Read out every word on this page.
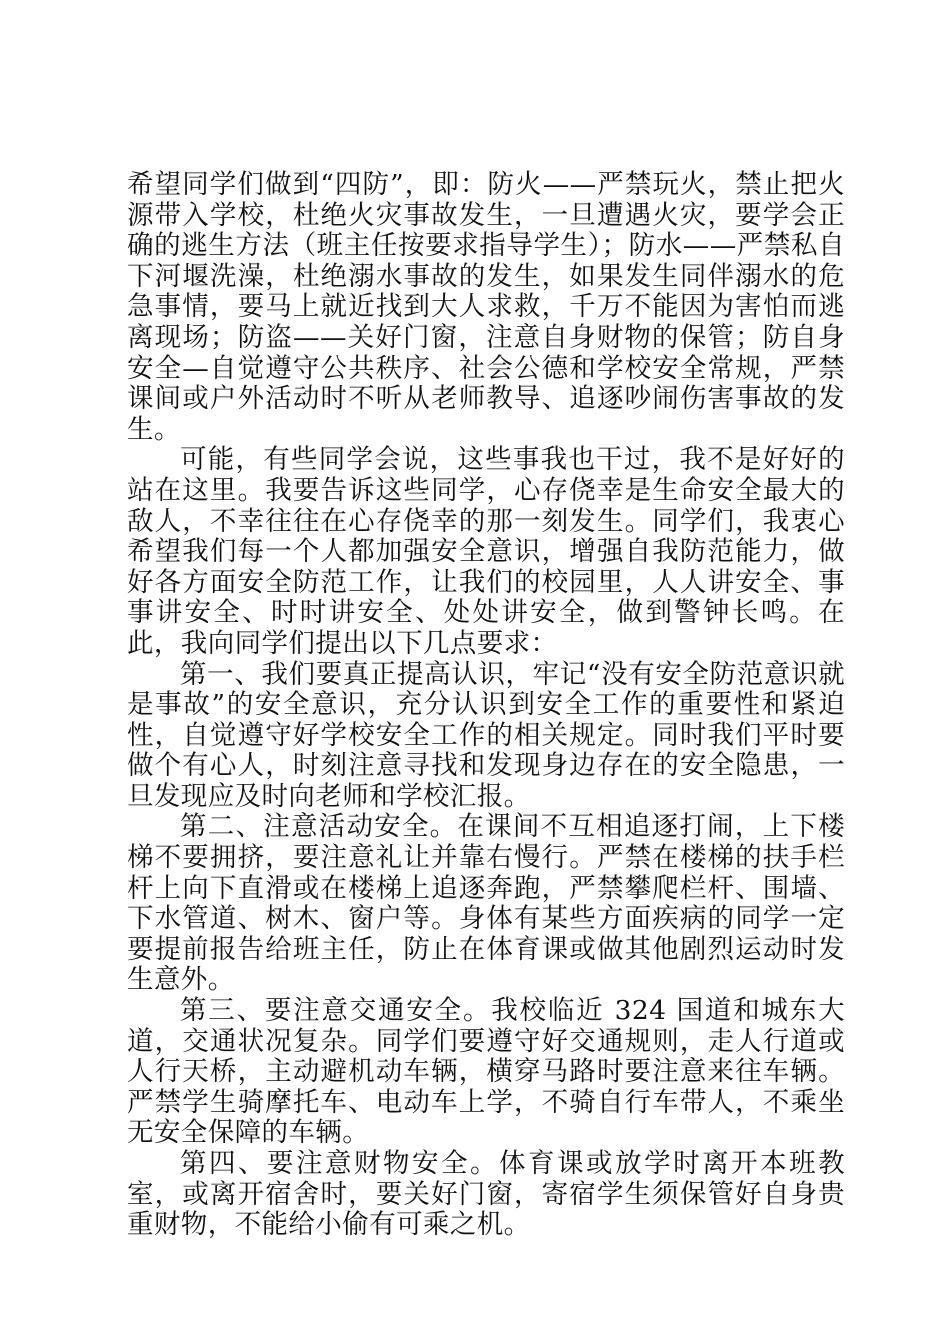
希望同学们做到“四防”，即：防火——严禁玩火，禁止把火源带入学校，杜绝火灾事故发生，一旦遭遇火灾，要学会正确的逃生方法（班主任按要求指导学生）；防水——严禁私自下河堰洗澡，杜绝溺水事故的发生，如果发生同伴溺水的危急事情，要马上就近找到大人求救，千万不能因为害怕而逃离现场；防盗——关好门窗，注意自身财物的保管；防自身安全—自觉遵守公共秩序、社会公德和学校安全常规，严禁课间或户外活动时不听从老师教导、追逐吵闹伤害事故的发生。

可能，有些同学会说，这些事我也干过，我不是好好的站在这里。我要告诉这些同学，心存侥幸是生命安全最大的敌人，不幸往往在心存侥幸的那一刻发生。同学们，我衷心希望我们每一个人都加强安全意识，增强自我防范能力，做好各方面安全防范工作，让我们的校园里，人人讲安全、事事讲安全、时时讲安全、处处讲安全，做到警钟长鸣。在此，我向同学们提出以下几点要求：

第一、我们要真正提高认识，牢记“没有安全防范意识就是事故”的安全意识，充分认识到安全工作的重要性和紧迫性，自觉遵守好学校安全工作的相关规定。同时我们平时要做个有心人，时刻注意寻找和发现身边存在的安全隐患，一旦发现应及时向老师和学校汇报。

第二、注意活动安全。在课间不互相追逐打闹，上下楼梯不要拥挤，要注意礼让并靠右慢行。严禁在楼梯的扶手栏杆上向下直滑或在楼梯上追逐奔跑，严禁攀爬栏杆、围墙、下水管道、树木、窗户等。身体有某些方面疾病的同学一定要提前报告给班主任，防止在体育课或做其他剧烈运动时发生意外。

第三、要注意交通安全。我校临近 324 国道和城东大道，交通状况复杂。同学们要遵守好交通规则，走人行道或人行天桥，主动避机动车辆，横穿马路时要注意来往车辆。严禁学生骑摩托车、电动车上学，不骑自行车带人，不乘坐无安全保障的车辆。

第四、要注意财物安全。体育课或放学时离开本班教室，或离开宿舍时，要关好门窗，寄宿学生须保管好自身贵重财物，不能给小偷有可乘之机。
